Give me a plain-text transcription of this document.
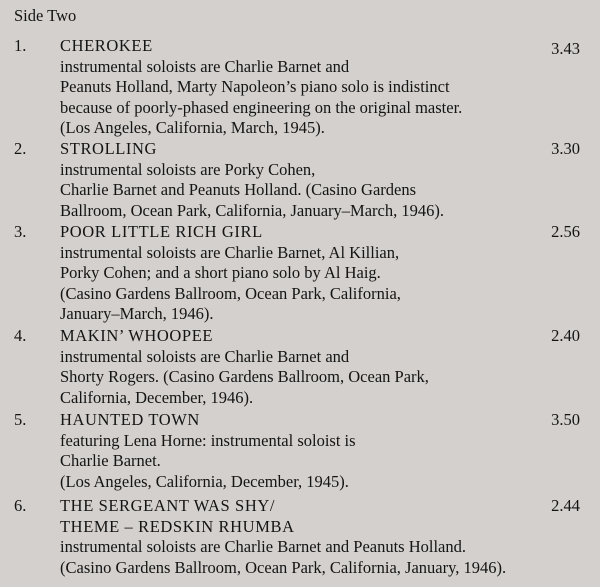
Side Two
1. CHEROKEE
instrumental soloists are Charlie Barnet and
Peanuts Holland, Marty Napoleon’s piano solo is indistinct
because of poorly-phased engineering on the original master.
(Los Angeles, California, March, 1945).
3.43
2. STROLLING
instrumental soloists are Porky Cohen,
Charlie Barnet and Peanuts Holland. (Casino Gardens
Ballroom, Ocean Park, California, January–March, 1946).
3.30
3. POOR LITTLE RICH GIRL
instrumental soloists are Charlie Barnet, Al Killian,
Porky Cohen; and a short piano solo by Al Haig.
(Casino Gardens Ballroom, Ocean Park, California,
January–March, 1946).
2.56
4. MAKIN’ WHOOPEE
instrumental soloists are Charlie Barnet and
Shorty Rogers. (Casino Gardens Ballroom, Ocean Park,
California, December, 1946).
2.40
5. HAUNTED TOWN
featuring Lena Horne: instrumental soloist is
Charlie Barnet.
(Los Angeles, California, December, 1945).
3.50
6. THE SERGEANT WAS SHY/
THEME – REDSKIN RHUMBA
instrumental soloists are Charlie Barnet and Peanuts Holland.
(Casino Gardens Ballroom, Ocean Park, California, January, 1946).
2.44
